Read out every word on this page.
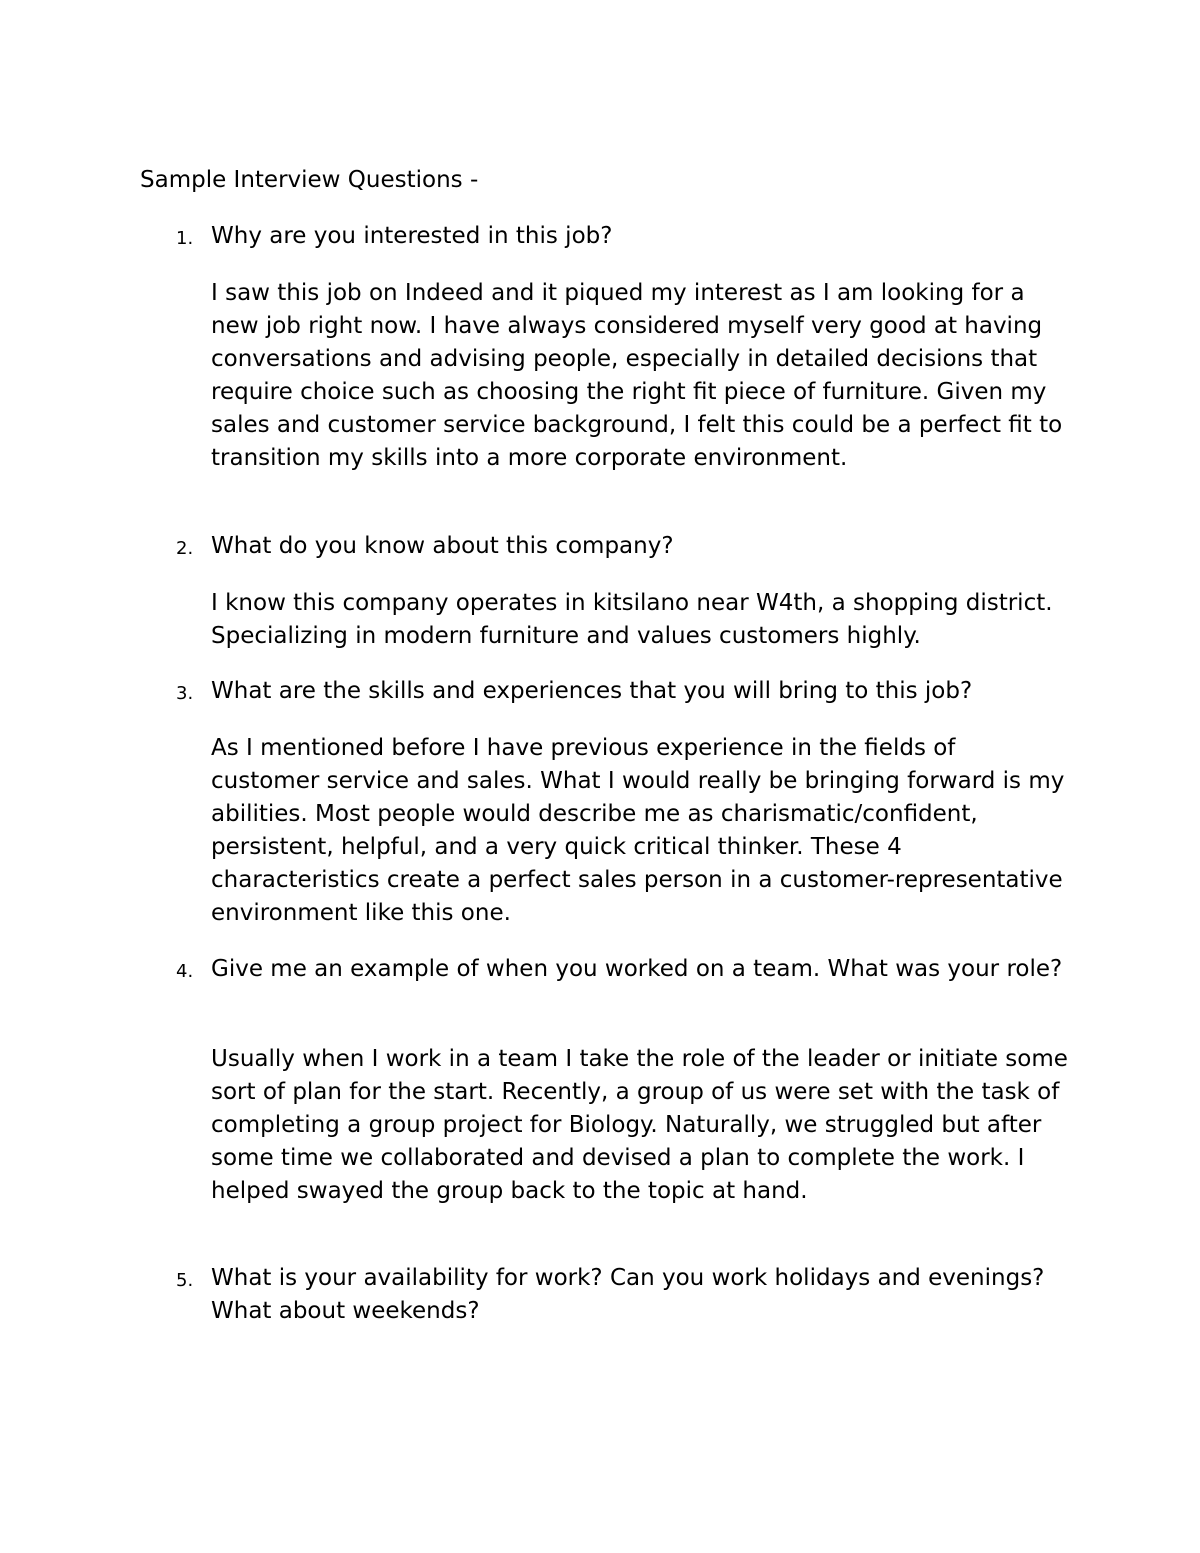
Sample Interview Questions -
1. Why are you interested in this job?

I saw this job on Indeed and it piqued my interest as I am looking for a new job right now. I have always considered myself very good at having conversations and advising people, especially in detailed decisions that require choice such as choosing the right fit piece of furniture. Given my sales and customer service background, I felt this could be a perfect fit to transition my skills into a more corporate environment.

2. What do you know about this company?

I know this company operates in kitsilano near W4th, a shopping district. Specializing in modern furniture and values customers highly.

3. What are the skills and experiences that you will bring to this job?

As I mentioned before I have previous experience in the fields of customer service and sales. What I would really be bringing forward is my abilities. Most people would describe me as charismatic/confident, persistent, helpful, and a very quick critical thinker. These 4 characteristics create a perfect sales person in a customer-representative environment like this one.

4. Give me an example of when you worked on a team. What was your role?

Usually when I work in a team I take the role of the leader or initiate some sort of plan for the start. Recently, a group of us were set with the task of completing a group project for Biology. Naturally, we struggled but after some time we collaborated and devised a plan to complete the work. I helped swayed the group back to the topic at hand.

5. What is your availability for work? Can you work holidays and evenings? What about weekends?
